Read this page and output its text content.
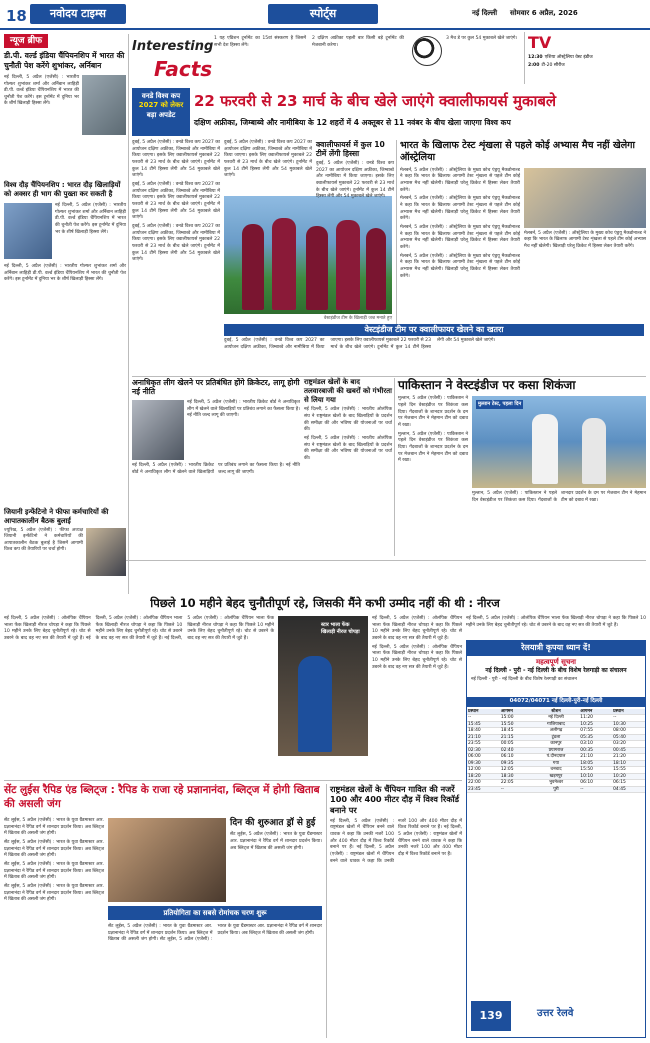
18	नवोदय टाइम्स	स्पोर्ट्स	नई दिल्ली सोमवार 6 अप्रैल, 2026
न्यूज ब्रीफ
डी.पी. वर्ल्ड इंडिया चैंपियनशिप में भारत की चुनौती पेश करेंगे शुभांकर, अर्निबान
नई दिल्ली, 5 अप्रैल (एजेंसी) : भारतीय गोल्फर शुभांकर शर्मा और अर्निबान लाहिड़ी डी.पी. वर्ल्ड इंडिया चैंपियनशिप में भारत की चुनौती पेश करेंगे। इस टूर्नामेंट में दुनिया भर के शीर्ष खिलाड़ी हिस्सा लेंगे।
विश्व दौड़ चैंपियनशिप : भारत दौड़ खिलाड़ियों को अक्सर ही भाग की पुख्ता कर सकती है
नई दिल्ली, 5 अप्रैल (एजेंसी) : भारतीय गोल्फर शुभांकर शर्मा और अर्निबान लाहिड़ी डी.पी. वर्ल्ड इंडिया चैंपियनशिप में भारत की चुनौती पेश करेंगे। इस टूर्नामेंट में दुनिया भर के शीर्ष खिलाड़ी हिस्सा लेंगे।
नई दिल्ली, 5 अप्रैल (एजेंसी) : भारतीय गोल्फर शुभांकर शर्मा और अर्निबान लाहिड़ी डी.पी. वर्ल्ड इंडिया चैंपियनशिप में भारत की चुनौती पेश करेंगे। इस टूर्नामेंट में दुनिया भर के शीर्ष खिलाड़ी हिस्सा लेंगे।
Interesting
Facts
1 यह एडिशन टूर्नामेंट का 15वां संस्करण है जिसमें सभी देश हिस्सा लेंगे।
2 दक्षिण अफ्रीका पहली बार किसी बड़े टूर्नामेंट की मेजबानी करेगा।
3 मैच डे पर कुल 54 मुकाबले खेले जाएंगे। TV
12:30 एशिया ऑस्ट्रेलिया वेस्ट इंडीज
2:00 टी-20 सीरीज
वनडे विश्व कप
2027 को लेकर
बड़ा अपडेट
22 फरवरी से 23 मार्च के बीच खेले जाएंगे क्वालीफायर्स मुकाबले
दक्षिण अफ्रीका, जिम्बाब्वे और नामीबिया के 12 शहरों में 4 अक्तूबर से 11 नवंबर के बीच खेला जाएगा विश्व कप

दुबई, 5 अप्रैल (एजेंसी) : वनडे विश्व कप 2027 का आयोजन दक्षिण अफ्रीका, जिम्बाब्वे और नामीबिया में किया जाएगा। इसके लिए क्वालीफायर्स मुकाबले 22 फरवरी से 23 मार्च के बीच खेले जाएंगे। टूर्नामेंट में कुल 14 टीमें हिस्सा लेंगी और 54 मुकाबले खेले जाएंगे।

दुबई, 5 अप्रैल (एजेंसी) : वनडे विश्व कप 2027 का आयोजन दक्षिण अफ्रीका, जिम्बाब्वे और नामीबिया में किया जाएगा। इसके लिए क्वालीफायर्स मुकाबले 22 फरवरी से 23 मार्च के बीच खेले जाएंगे। टूर्नामेंट में कुल 14 टीमें हिस्सा लेंगी और 54 मुकाबले खेले जाएंगे।

दुबई, 5 अप्रैल (एजेंसी) : वनडे विश्व कप 2027 का आयोजन दक्षिण अफ्रीका, जिम्बाब्वे और नामीबिया में किया जाएगा। इसके लिए क्वालीफायर्स मुकाबले 22 फरवरी से 23 मार्च के बीच खेले जाएंगे। टूर्नामेंट में कुल 14 टीमें हिस्सा लेंगी और 54 मुकाबले खेले जाएंगे।

दुबई, 5 अप्रैल (एजेंसी) : वनडे विश्व कप 2027 का आयोजन दक्षिण अफ्रीका, जिम्बाब्वे और नामीबिया में किया जाएगा। इसके लिए क्वालीफायर्स मुकाबले 22 फरवरी से 23 मार्च के बीच खेले जाएंगे। टूर्नामेंट में कुल 14 टीमें हिस्सा लेंगी और 54 मुकाबले खेले जाएंगे।

वेस्टइंडीज टीम के खिलाड़ी जश्न मनाते हुए
क्वालीफायर्स में कुल 10 टीमें लेंगी हिस्सा
दुबई, 5 अप्रैल (एजेंसी) : वनडे विश्व कप 2027 का आयोजन दक्षिण अफ्रीका, जिम्बाब्वे और नामीबिया में किया जाएगा। इसके लिए क्वालीफायर्स मुकाबले 22 फरवरी से 23 मार्च के बीच खेले जाएंगे। टूर्नामेंट में कुल 14 टीमें हिस्सा लेंगी और 54 मुकाबले खेले जाएंगे।
भारत के खिलाफ टेस्ट शृंखला से पहले कोई अभ्यास मैच नहीं खेलेगा ऑस्ट्रेलिया

मेलबर्न, 5 अप्रैल (एजेंसी) : ऑस्ट्रेलिया के मुख्य कोच एंड्रयू मैकडोनाल्ड ने कहा कि भारत के खिलाफ आगामी टेस्ट शृंखला से पहले टीम कोई अभ्यास मैच नहीं खेलेगी। खिलाड़ी घरेलू क्रिकेट में हिस्सा लेकर तैयारी करेंगे।

मेलबर्न, 5 अप्रैल (एजेंसी) : ऑस्ट्रेलिया के मुख्य कोच एंड्रयू मैकडोनाल्ड ने कहा कि भारत के खिलाफ आगामी टेस्ट शृंखला से पहले टीम कोई अभ्यास मैच नहीं खेलेगी। खिलाड़ी घरेलू क्रिकेट में हिस्सा लेकर तैयारी करेंगे।

मेलबर्न, 5 अप्रैल (एजेंसी) : ऑस्ट्रेलिया के मुख्य कोच एंड्रयू मैकडोनाल्ड ने कहा कि भारत के खिलाफ आगामी टेस्ट शृंखला से पहले टीम कोई अभ्यास मैच नहीं खेलेगी। खिलाड़ी घरेलू क्रिकेट में हिस्सा लेकर तैयारी करेंगे।

मेलबर्न, 5 अप्रैल (एजेंसी) : ऑस्ट्रेलिया के मुख्य कोच एंड्रयू मैकडोनाल्ड ने कहा कि भारत के खिलाफ आगामी टेस्ट शृंखला से पहले टीम कोई अभ्यास मैच नहीं खेलेगी। खिलाड़ी घरेलू क्रिकेट में हिस्सा लेकर तैयारी करेंगे।

मेलबर्न, 5 अप्रैल (एजेंसी) : ऑस्ट्रेलिया के मुख्य कोच एंड्रयू मैकडोनाल्ड ने कहा कि भारत के खिलाफ आगामी टेस्ट शृंखला से पहले टीम कोई अभ्यास मैच नहीं खेलेगी। खिलाड़ी घरेलू क्रिकेट में हिस्सा लेकर तैयारी करेंगे।
वेस्टइंडीज टीम पर क्वालीफायर खेलने का खतरा
दुबई, 5 अप्रैल (एजेंसी) : वनडे विश्व कप 2027 का आयोजन दक्षिण अफ्रीका, जिम्बाब्वे और नामीबिया में किया जाएगा। इसके लिए क्वालीफायर्स मुकाबले 22 फरवरी से 23 मार्च के बीच खेले जाएंगे। टूर्नामेंट में कुल 14 टीमें हिस्सा लेंगी और 54 मुकाबले खेले जाएंगे।
अनाधिकृत लीग खेलने पर प्रतिबंधित होंगे क्रिकेटर, लागू होगी नई नीति
नई दिल्ली, 5 अप्रैल (एजेंसी) : भारतीय क्रिकेट बोर्ड ने अनाधिकृत लीग में खेलने वाले खिलाड़ियों पर प्रतिबंध लगाने का फैसला किया है। नई नीति जल्द लागू की जाएगी।
नई दिल्ली, 5 अप्रैल (एजेंसी) : भारतीय क्रिकेट बोर्ड ने अनाधिकृत लीग में खेलने वाले खिलाड़ियों पर प्रतिबंध लगाने का फैसला किया है। नई नीति जल्द लागू की जाएगी।
राष्ट्रमंडल खेलों के बाद तलवारबाजी की खबरों को गंभीरता से लिया गया

नई दिल्ली, 5 अप्रैल (एजेंसी) : भारतीय ओलंपिक संघ ने राष्ट्रमंडल खेलों के बाद खिलाड़ियों के प्रदर्शन की समीक्षा की और भविष्य की योजनाओं पर चर्चा की।

नई दिल्ली, 5 अप्रैल (एजेंसी) : भारतीय ओलंपिक संघ ने राष्ट्रमंडल खेलों के बाद खिलाड़ियों के प्रदर्शन की समीक्षा की और भविष्य की योजनाओं पर चर्चा की।

पाकिस्तान ने वेस्टइंडीज पर कसा शिकंजा

मुल्तान, 5 अप्रैल (एजेंसी) : पाकिस्तान ने पहले दिन वेस्टइंडीज पर शिकंजा कस दिया। गेंदबाजों के शानदार प्रदर्शन के दम पर मेजबान टीम ने मेहमान टीम को दबाव में रखा।

मुल्तान, 5 अप्रैल (एजेंसी) : पाकिस्तान ने पहले दिन वेस्टइंडीज पर शिकंजा कस दिया। गेंदबाजों के शानदार प्रदर्शन के दम पर मेजबान टीम ने मेहमान टीम को दबाव में रखा।

मुल्तान टेस्ट, पहला दिन
मुल्तान, 5 अप्रैल (एजेंसी) : पाकिस्तान ने पहले दिन वेस्टइंडीज पर शिकंजा कस दिया। गेंदबाजों के शानदार प्रदर्शन के दम पर मेजबान टीम ने मेहमान टीम को दबाव में रखा।
जियानी इन्फेंटिनो ने फीफा कर्मचारियों की आपातकालीन बैठक बुलाई
ज्यूरिख, 5 अप्रैल (एजेंसी) : फीफा अध्यक्ष जियानी इन्फेंटिनो ने कर्मचारियों की आपातकालीन बैठक बुलाई है जिसमें आगामी विश्व कप की तैयारियों पर चर्चा होगी।
पिछले 10 महीने बेहद चुनौतीपूर्ण रहे, जिसकी मैंने कभी उम्मीद नहीं की थी : नीरज
नई दिल्ली, 5 अप्रैल (एजेंसी) : ओलंपिक चैंपियन भाला फेंक खिलाड़ी नीरज चोपड़ा ने कहा कि पिछले 10 महीने उनके लिए बेहद चुनौतीपूर्ण रहे। चोट से उबरने के बाद वह नए सत्र की तैयारी में जुटे हैं। नई दिल्ली, 5 अप्रैल (एजेंसी) : ओलंपिक चैंपियन भाला फेंक खिलाड़ी नीरज चोपड़ा ने कहा कि पिछले 10 महीने उनके लिए बेहद चुनौतीपूर्ण रहे। चोट से उबरने के बाद वह नए सत्र की तैयारी में जुटे हैं। नई दिल्ली, 5 अप्रैल (एजेंसी) : ओलंपिक चैंपियन भाला फेंक खिलाड़ी नीरज चोपड़ा ने कहा कि पिछले 10 महीने उनके लिए बेहद चुनौतीपूर्ण रहे। चोट से उबरने के बाद वह नए सत्र की तैयारी में जुटे हैं।
स्टार भाला फेंक खिलाड़ी नीरज चोपड़ा

नई दिल्ली, 5 अप्रैल (एजेंसी) : ओलंपिक चैंपियन भाला फेंक खिलाड़ी नीरज चोपड़ा ने कहा कि पिछले 10 महीने उनके लिए बेहद चुनौतीपूर्ण रहे। चोट से उबरने के बाद वह नए सत्र की तैयारी में जुटे हैं।

नई दिल्ली, 5 अप्रैल (एजेंसी) : ओलंपिक चैंपियन भाला फेंक खिलाड़ी नीरज चोपड़ा ने कहा कि पिछले 10 महीने उनके लिए बेहद चुनौतीपूर्ण रहे। चोट से उबरने के बाद वह नए सत्र की तैयारी में जुटे हैं।

नई दिल्ली, 5 अप्रैल (एजेंसी) : ओलंपिक चैंपियन भाला फेंक खिलाड़ी नीरज चोपड़ा ने कहा कि पिछले 10 महीने उनके लिए बेहद चुनौतीपूर्ण रहे। चोट से उबरने के बाद वह नए सत्र की तैयारी में जुटे हैं।
रेलयात्री कृपया ध्यान दें!
महत्वपूर्ण सूचना
नई दिल्ली - पुरी - नई दिल्ली के बीच विशेष रेलगाड़ी का संचालन
नई दिल्ली - पुरी - नई दिल्ली के बीच विशेष रेलगाड़ी का संचालन
04072/04071 नई दिल्ली-पुरी-नई दिल्ली
प्रस्थान	आगमन	स्टेशन	आगमन	प्रस्थान
--	15:00	नई दिल्ली	11:20	--
15:45	15:50	गाजियाबाद	10:25	10:30
18:40	18:45	अलीगढ़	07:55	08:00
21:10	21:15	टूंडला	05:35	05:40
23:55	00:05	कानपुर	03:10	03:20
02:30	02:40	प्रयागराज	00:35	00:45
06:00	06:10	पं.दीनदयाल	21:10	21:20
09:30	09:35	गया	18:05	18:10
12:00	12:05	धनबाद	15:50	15:55
18:20	18:30	खड़गपुर	10:10	10:20
22:00	22:05	भुवनेश्वर	06:10	06:15
23:45	--	पुरी	--	04:45
139	उत्तर रेलवे
सेंट लुईस रैपिड एंड ब्लिट्ज : रैपिड के राजा रहे प्रज्ञानानंदा, ब्लिट्ज में होगी खिताब की असली जंग

सेंट लुईस, 5 अप्रैल (एजेंसी) : भारत के युवा ग्रैंडमास्टर आर. प्रज्ञानानंदा ने रैपिड वर्ग में शानदार प्रदर्शन किया। अब ब्लिट्ज में खिताब की असली जंग होगी।

सेंट लुईस, 5 अप्रैल (एजेंसी) : भारत के युवा ग्रैंडमास्टर आर. प्रज्ञानानंदा ने रैपिड वर्ग में शानदार प्रदर्शन किया। अब ब्लिट्ज में खिताब की असली जंग होगी।

सेंट लुईस, 5 अप्रैल (एजेंसी) : भारत के युवा ग्रैंडमास्टर आर. प्रज्ञानानंदा ने रैपिड वर्ग में शानदार प्रदर्शन किया। अब ब्लिट्ज में खिताब की असली जंग होगी।

सेंट लुईस, 5 अप्रैल (एजेंसी) : भारत के युवा ग्रैंडमास्टर आर. प्रज्ञानानंदा ने रैपिड वर्ग में शानदार प्रदर्शन किया। अब ब्लिट्ज में खिताब की असली जंग होगी।

दिन की शुरुआत ड्रॉ से हुई
सेंट लुईस, 5 अप्रैल (एजेंसी) : भारत के युवा ग्रैंडमास्टर आर. प्रज्ञानानंदा ने रैपिड वर्ग में शानदार प्रदर्शन किया। अब ब्लिट्ज में खिताब की असली जंग होगी।
प्रतियोगिता का सबसे रोमांचक चरण शुरू
सेंट लुईस, 5 अप्रैल (एजेंसी) : भारत के युवा ग्रैंडमास्टर आर. प्रज्ञानानंदा ने रैपिड वर्ग में शानदार प्रदर्शन किया। अब ब्लिट्ज में खिताब की असली जंग होगी। सेंट लुईस, 5 अप्रैल (एजेंसी) : भारत के युवा ग्रैंडमास्टर आर. प्रज्ञानानंदा ने रैपिड वर्ग में शानदार प्रदर्शन किया। अब ब्लिट्ज में खिताब की असली जंग होगी।
राष्ट्रमंडल खेलों के चैंपियन गावित की नजरें 100 और 400 मीटर दौड़ में विश्व रिकॉर्ड बनाने पर
नई दिल्ली, 5 अप्रैल (एजेंसी) : राष्ट्रमंडल खेलों में चैंपियन बनने वाले धावक ने कहा कि उनकी नजरें 100 और 400 मीटर दौड़ में विश्व रिकॉर्ड बनाने पर हैं। नई दिल्ली, 5 अप्रैल (एजेंसी) : राष्ट्रमंडल खेलों में चैंपियन बनने वाले धावक ने कहा कि उनकी नजरें 100 और 400 मीटर दौड़ में विश्व रिकॉर्ड बनाने पर हैं। नई दिल्ली, 5 अप्रैल (एजेंसी) : राष्ट्रमंडल खेलों में चैंपियन बनने वाले धावक ने कहा कि उनकी नजरें 100 और 400 मीटर दौड़ में विश्व रिकॉर्ड बनाने पर हैं।
